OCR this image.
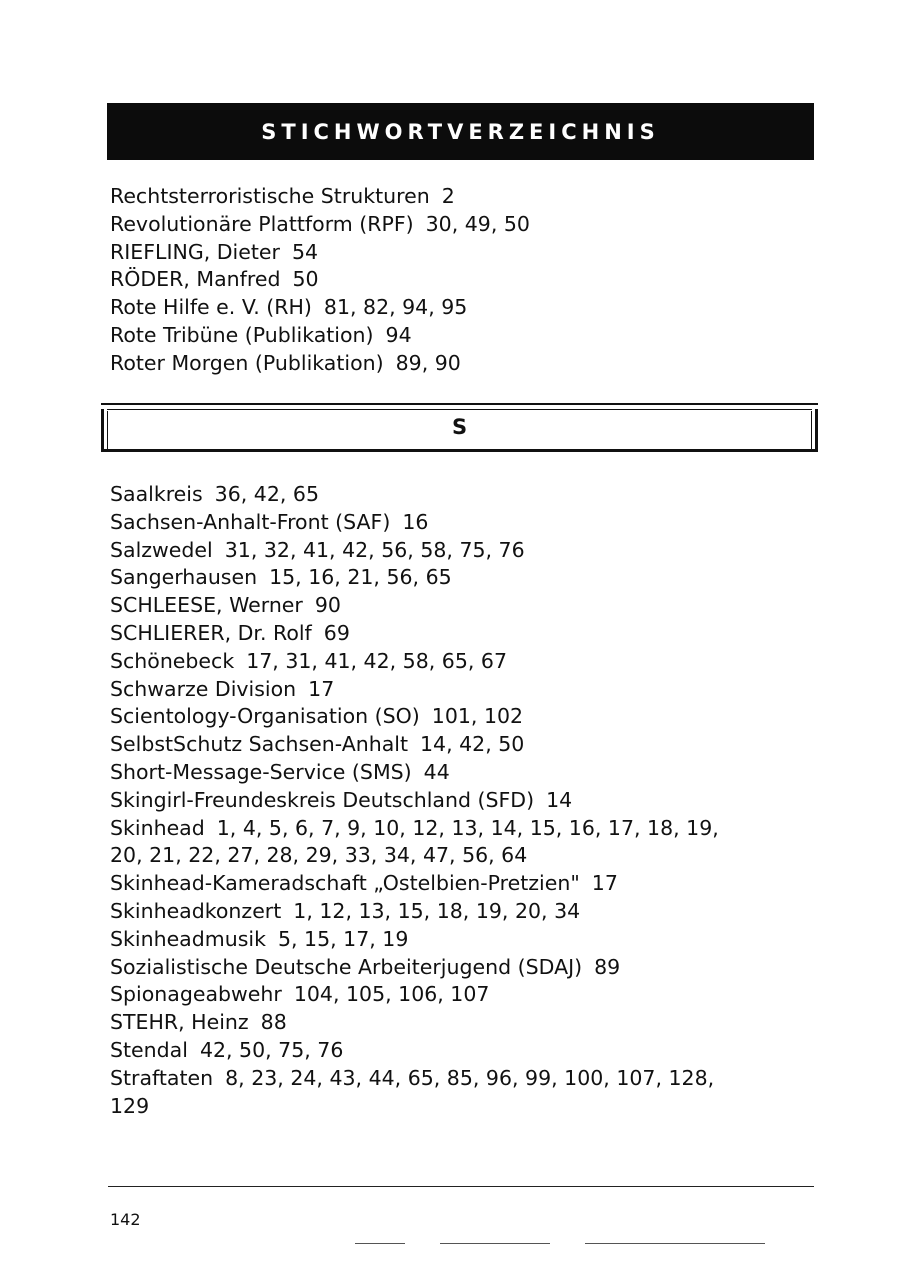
STICHWORTVERZEICHNIS
Rechtsterroristische Strukturen 2
Revolutionäre Plattform (RPF) 30, 49, 50
RIEFLING, Dieter 54
RÖDER, Manfred 50
Rote Hilfe e. V. (RH) 81, 82, 94, 95
Rote Tribüne (Publikation) 94
Roter Morgen (Publikation) 89, 90
S
Saalkreis 36, 42, 65
Sachsen-Anhalt-Front (SAF) 16
Salzwedel 31, 32, 41, 42, 56, 58, 75, 76
Sangerhausen 15, 16, 21, 56, 65
SCHLEESE, Werner 90
SCHLIERER, Dr. Rolf 69
Schönebeck 17, 31, 41, 42, 58, 65, 67
Schwarze Division 17
Scientology-Organisation (SO) 101, 102
SelbstSchutz Sachsen-Anhalt 14, 42, 50
Short-Message-Service (SMS) 44
Skingirl-Freundeskreis Deutschland (SFD) 14
Skinhead 1, 4, 5, 6, 7, 9, 10, 12, 13, 14, 15, 16, 17, 18, 19,
20, 21, 22, 27, 28, 29, 33, 34, 47, 56, 64
Skinhead-Kameradschaft „Ostelbien-Pretzien" 17
Skinheadkonzert 1, 12, 13, 15, 18, 19, 20, 34
Skinheadmusik 5, 15, 17, 19
Sozialistische Deutsche Arbeiterjugend (SDAJ) 89
Spionageabwehr 104, 105, 106, 107
STEHR, Heinz 88
Stendal 42, 50, 75, 76
Straftaten 8, 23, 24, 43, 44, 65, 85, 96, 99, 100, 107, 128,
129
142
